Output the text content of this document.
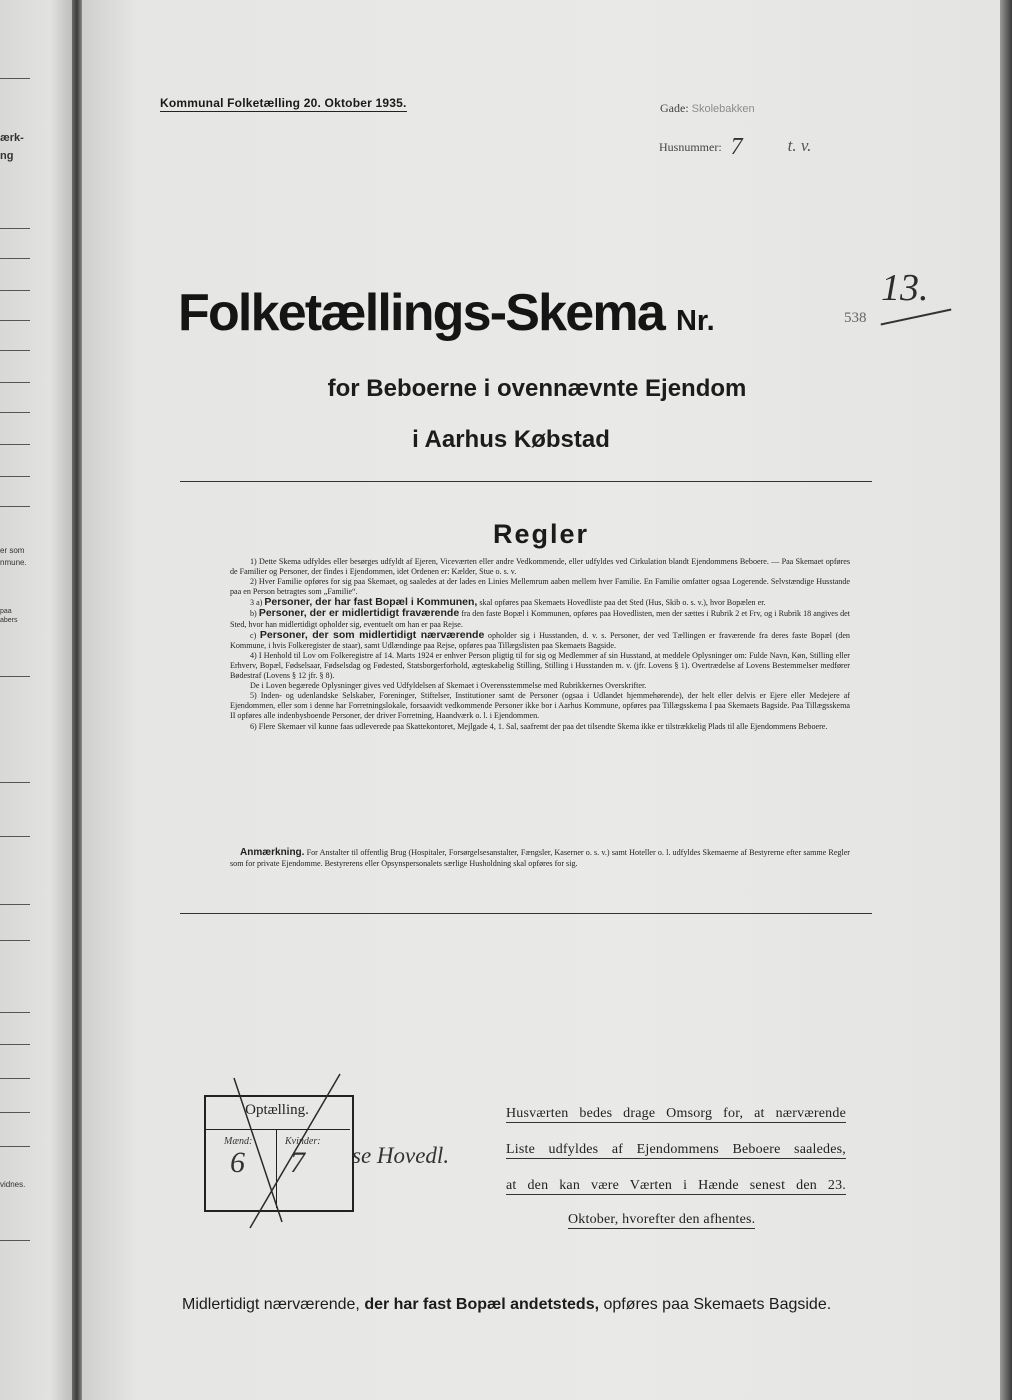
ærk-
ng
er som
nmune.
paa
abers
vidnes.
Kommunal Folketælling 20. Oktober 1935.	Gade: Skolebakken
Husnummer: 7	t. v.
Folketællings-Skema Nr.	538
13.
for Beboerne i ovennævnte Ejendom
i Aarhus Købstad
Regler

1) Dette Skema udfyldes eller besørges udfyldt af Ejeren, Viceværten eller andre Vedkommende, eller udfyldes ved Cirkulation blandt Ejendommens Beboere. — Paa Skemaet opføres de Familier og Personer, der findes i Ejendommen, idet Ordenen er: Kælder, Stue o. s. v.

2) Hver Familie opføres for sig paa Skemaet, og saaledes at der lades en Linies Mellemrum aaben mellem hver Familie. En Familie omfatter ogsaa Logerende. Selvstændige Husstande paa en Person betragtes som „Familie“.

3 a) Personer, der har fast Bopæl i Kommunen, skal opføres paa Skemaets Hovedliste paa det Sted (Hus, Skib o. s. v.), hvor Bopælen er.

b) Personer, der er midlertidigt fraværende fra den faste Bopæl i Kommunen, opføres paa Hovedlisten, men der sættes i Rubrik 2 et Frv, og i Rubrik 18 angives det Sted, hvor han midlertidigt opholder sig, eventuelt om han er paa Rejse.

c) Personer, der som midlertidigt nærværende opholder sig i Husstanden, d. v. s. Personer, der ved Tællingen er fraværende fra deres faste Bopæl (den Kommune, i hvis Folkeregister de staar), samt Udlændinge paa Rejse, opføres paa Tillægslisten paa Skemaets Bagside.

4) I Henhold til Lov om Folkeregistre af 14. Marts 1924 er enhver Person pligtig til for sig og Medlemmer af sin Husstand, at meddele Oplysninger om: Fulde Navn, Køn, Stilling eller Erhverv, Bopæl, Fødselsaar, Fødselsdag og Fødested, Statsborgerforhold, ægteskabelig Stilling, Stilling i Husstanden m. v. (jfr. Lovens § 1). Overtrædelse af Lovens Bestemmelser medfører Bødestraf (Lovens § 12 jfr. § 8).

De i Loven begærede Oplysninger gives ved Udfyldelsen af Skemaet i Overensstemmelse med Rubrikkernes Overskrifter.

5) Inden- og udenlandske Selskaber, Foreninger, Stiftelser, Institutioner samt de Personer (ogsaa i Udlandet hjemmehørende), der helt eller delvis er Ejere eller Medejere af Ejendommen, eller som i denne har Forretningslokale, forsaavidt vedkommende Personer ikke bor i Aarhus Kommune, opføres paa Tillægsskema I paa Skemaets Bagside. Paa Tillægsskema II opføres alle indenbysboende Personer, der driver Forretning, Haandværk o. l. i Ejendommen.

6) Flere Skemaer vil kunne faas udleverede paa Skattekontoret, Mejlgade 4, 1. Sal, saafremt der paa det tilsendte Skema ikke er tilstrækkelig Plads til alle Ejendommens Beboere.

Anmærkning. For Anstalter til offentlig Brug (Hospitaler, Forsørgelsesanstalter, Fængsler, Kaserner o. s. v.) samt Hoteller o. l. udfyldes Skemaerne af Bestyrerne efter samme Regler som for private Ejendomme. Bestyrerens eller Opsynspersonalets særlige Husholdning skal opføres for sig.
Optælling.
Mænd:	Kvinder:
6 7 se Hovedl.
Husværten bedes drage Omsorg for, at nærværende
Liste udfyldes af Ejendommens Beboere saaledes,
at den kan være Værten i Hænde senest den 23.
Oktober, hvorefter den afhentes.
Midlertidigt nærværende, der har fast Bopæl andetsteds, opføres paa Skemaets Bagside.
